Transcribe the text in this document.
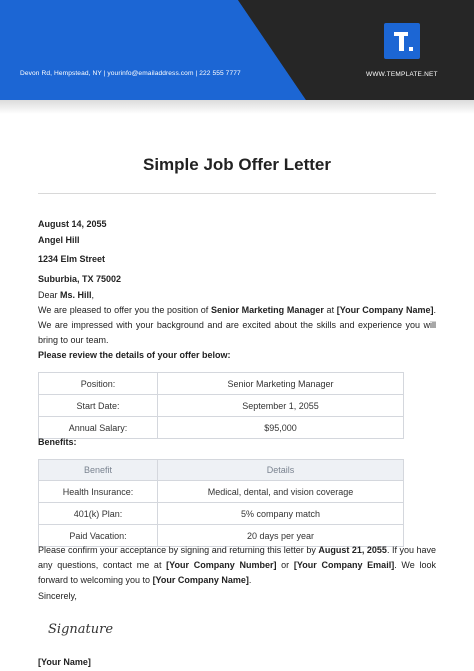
Devon Rd, Hempstead, NY | yourinfo@emailaddress.com | 222 555 7777	WWW.TEMPLATE.NET
Simple Job Offer Letter
August 14, 2055
Angel Hill
1234 Elm Street
Suburbia, TX 75002
Dear Ms. Hill,
We are pleased to offer you the position of Senior Marketing Manager at [Your Company Name]. We are impressed with your background and are excited about the skills and experience you will bring to our team.
Please review the details of your offer below:
Position:	Senior Marketing Manager
Start Date:	September 1, 2055
Annual Salary:	$95,000
Benefits:
Benefit	Details
Health Insurance:	Medical, dental, and vision coverage
401(k) Plan:	5% company match
Paid Vacation:	20 days per year
Please confirm your acceptance by signing and returning this letter by August 21, 2055. If you have any questions, contact me at [Your Company Number] or [Your Company Email]. We look forward to welcoming you to [Your Company Name].
Sincerely,
Signature
[Your Name]
